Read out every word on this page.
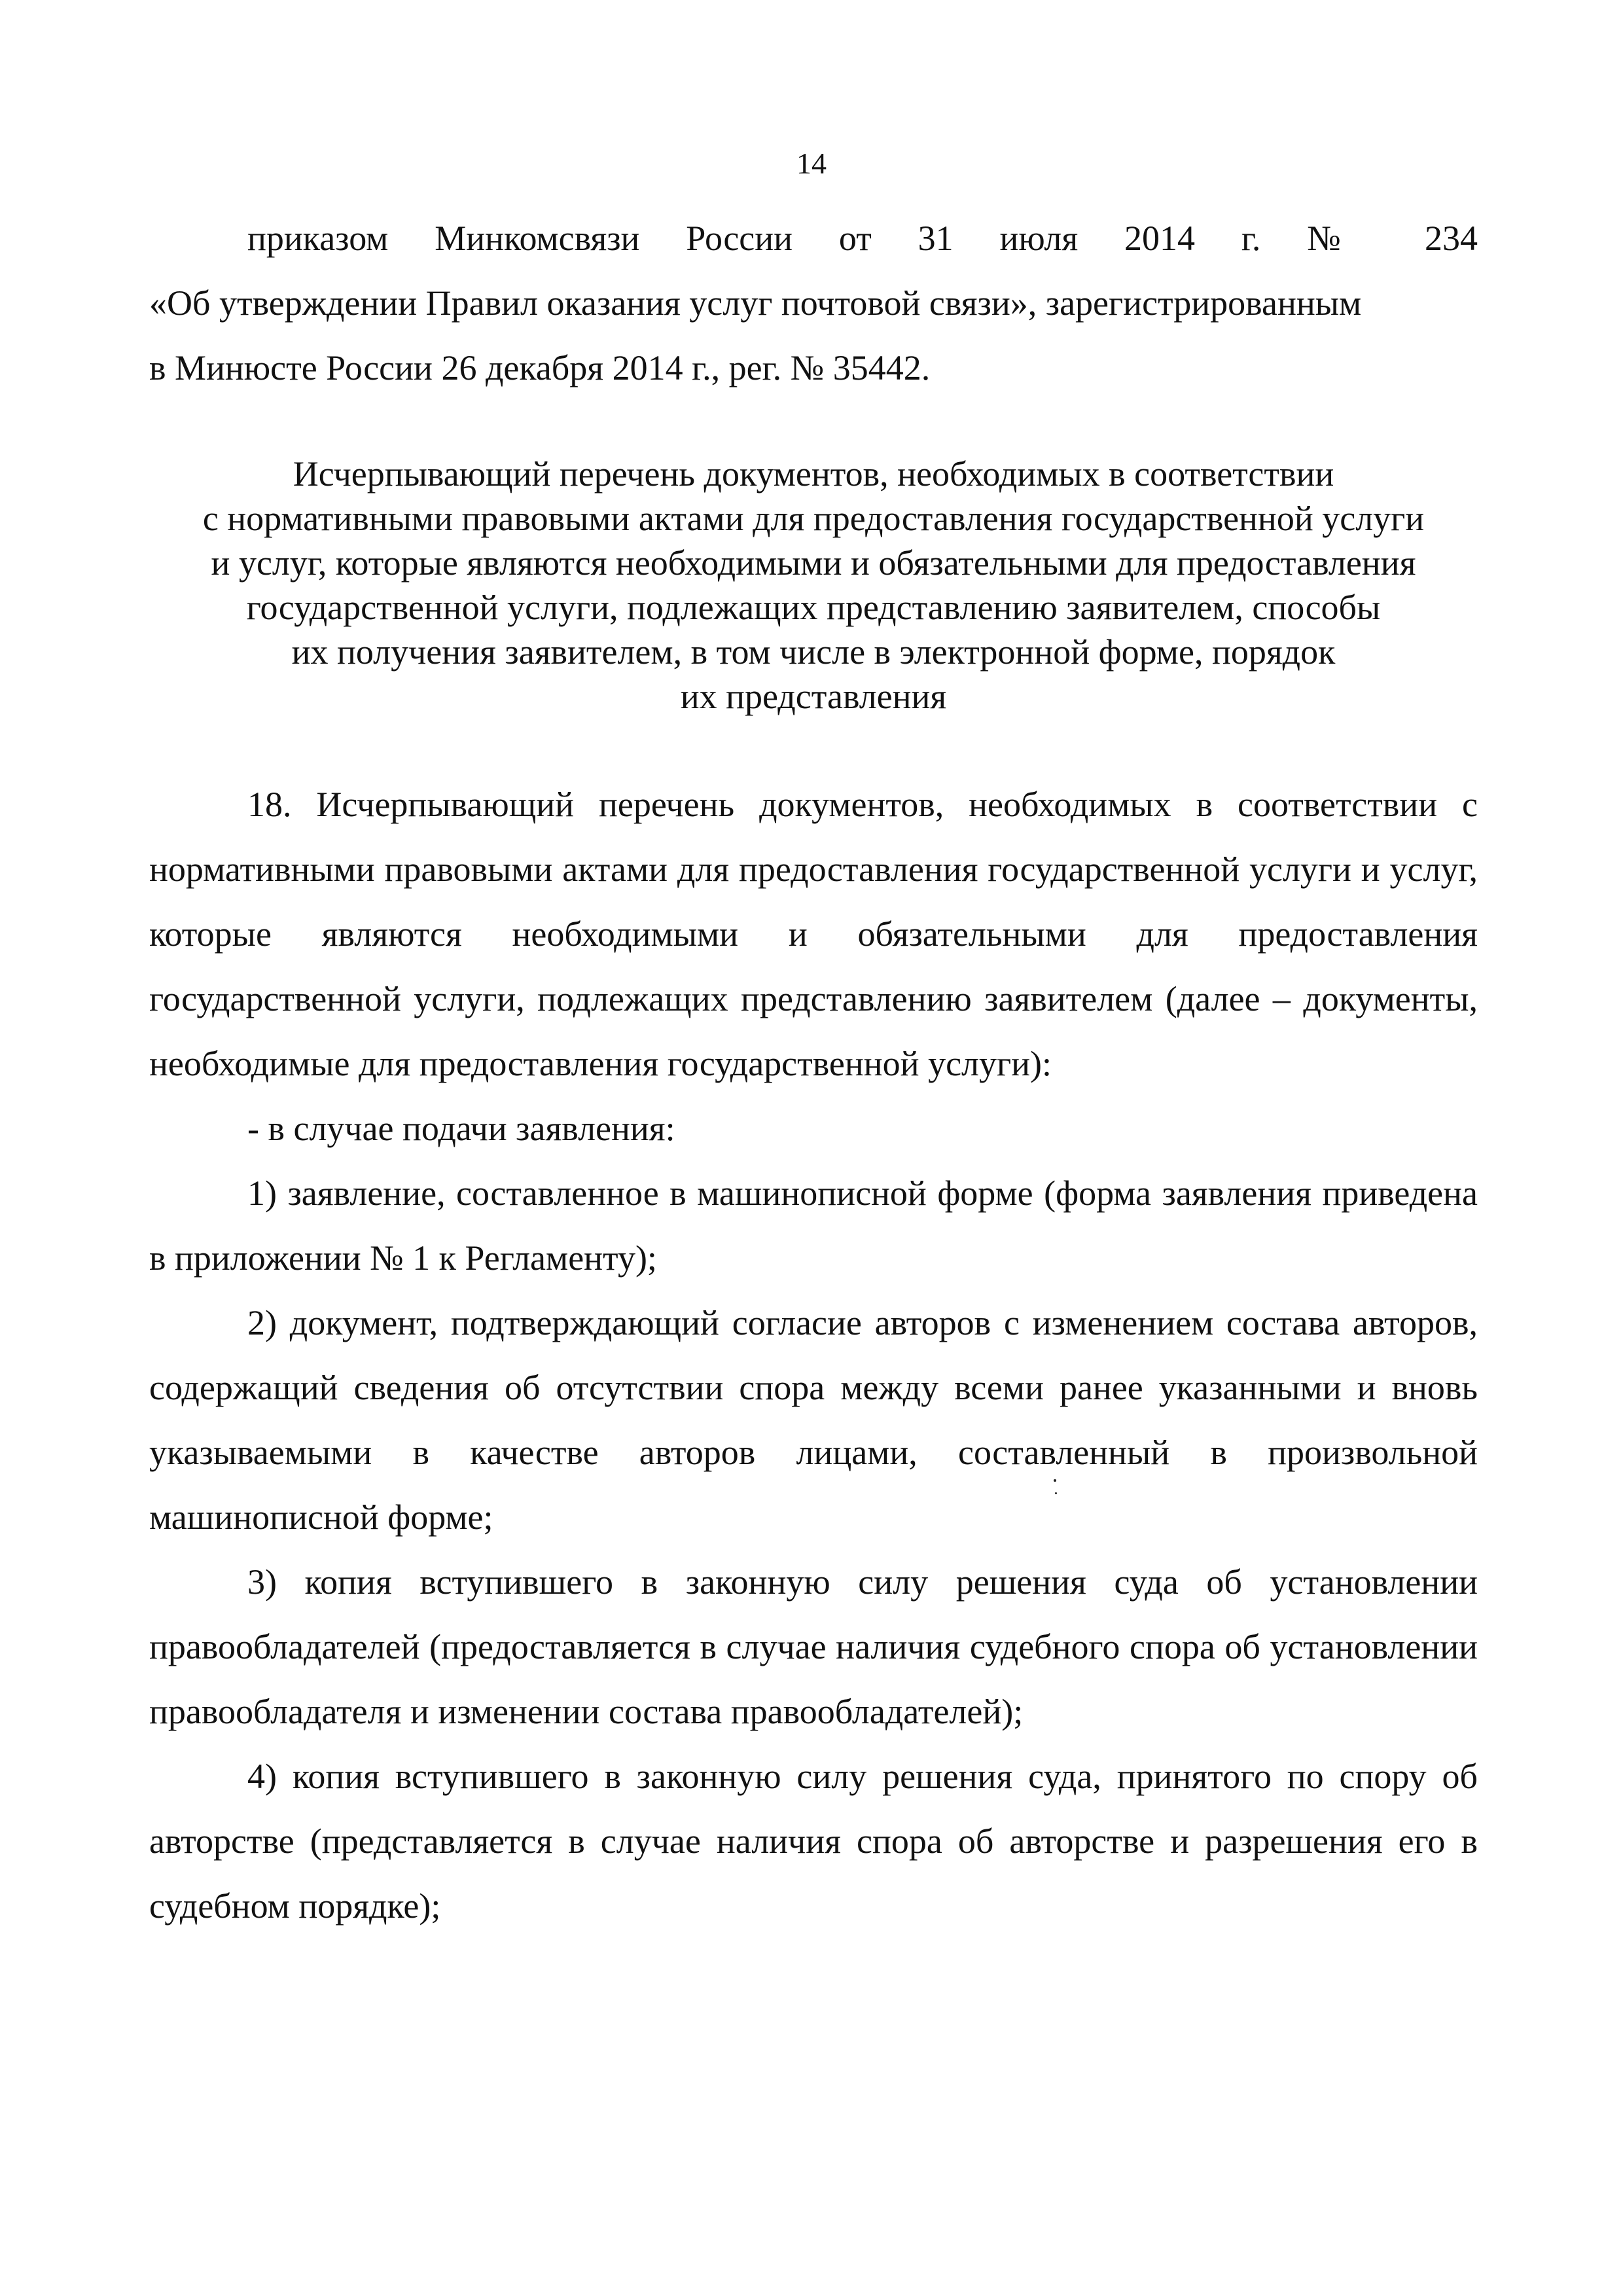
14
приказом Минкомсвязи России от 31 июля 2014 г. № 234
«Об утверждении Правил оказания услуг почтовой связи», зарегистрированным
в Минюсте России 26 декабря 2014 г., рег. № 35442.

Исчерпывающий перечень документов, необходимых в соответствии

с нормативными правовыми актами для предоставления государственной услуги

и услуг, которые являются необходимыми и обязательными для предоставления

государственной услуги, подлежащих представлению заявителем, способы

их получения заявителем, в том числе в электронной форме, порядок

их представления

18. Исчерпывающий перечень документов, необходимых в соответствии с нормативными правовыми актами для предоставления государственной услуги и услуг, которые являются необходимыми и обязательными для предоставления государственной услуги, подлежащих представлению заявителем (далее – документы, необходимые для предоставления государственной услуги):

- в случае подачи заявления:

1) заявление, составленное в машинописной форме (форма заявления приведена в приложении № 1 к Регламенту);

2) документ, подтверждающий согласие авторов с изменением состава авторов, содержащий сведения об отсутствии спора между всеми ранее указанными и вновь указываемыми в качестве авторов лицами, составленный в произвольной машинописной форме;

3) копия вступившего в законную силу решения суда об установлении правообладателей (предоставляется в случае наличия судебного спора об установлении правообладателя и изменении состава правообладателей);

4) копия вступившего в законную силу решения суда, принятого по спору об авторстве (представляется в случае наличия спора об авторстве и разрешения его в судебном порядке);
